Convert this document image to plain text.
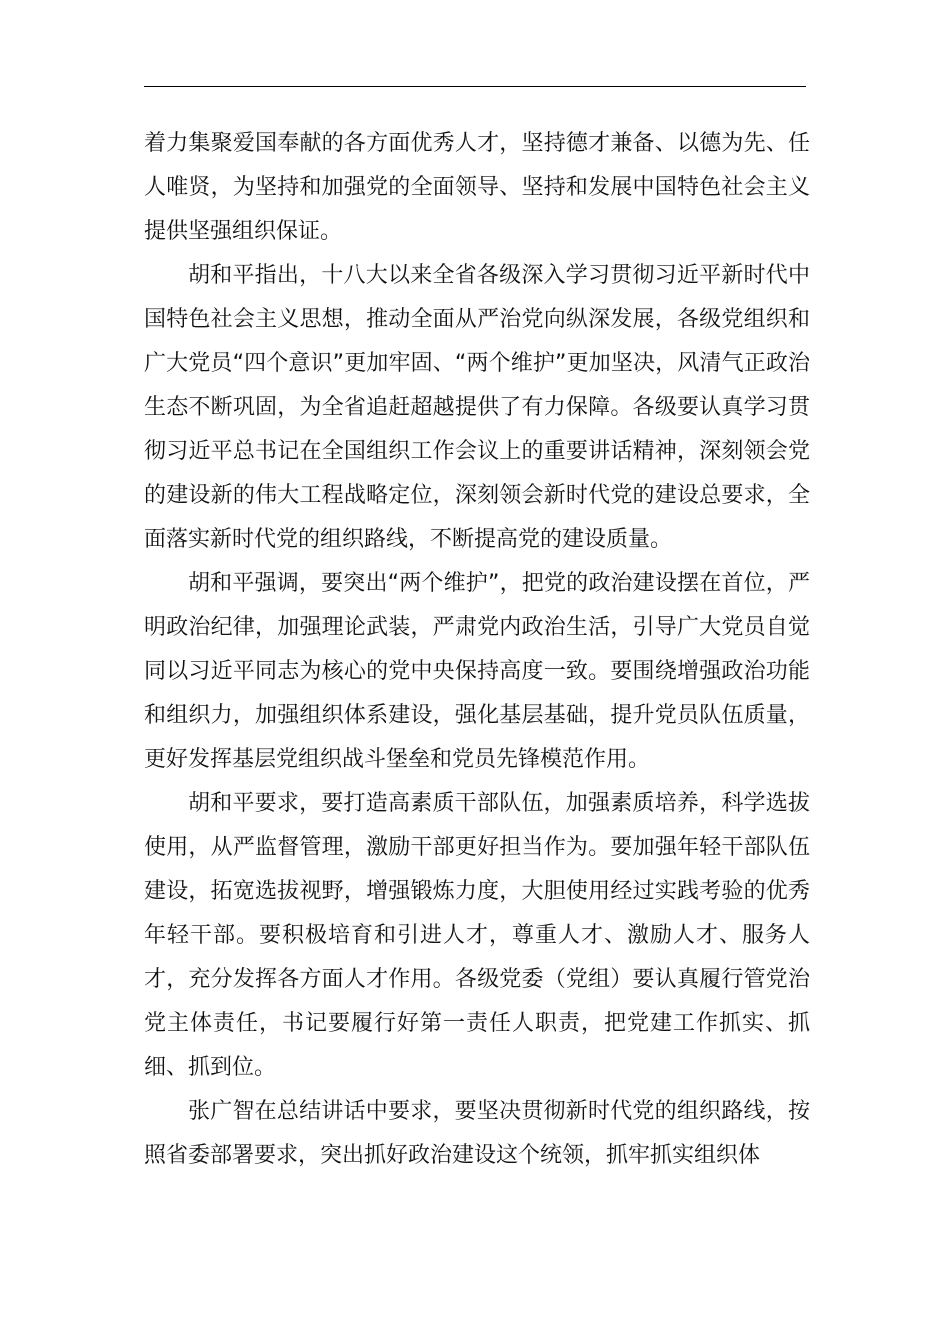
着力集聚爱国奉献的各方面优秀人才，坚持德才兼备、以德为先、任人唯贤，为坚持和加强党的全面领导、坚持和发展中国特色社会主义提供坚强组织保证。

胡和平指出，十八大以来全省各级深入学习贯彻习近平新时代中国特色社会主义思想，推动全面从严治党向纵深发展，各级党组织和广大党员“四个意识”更加牢固、“两个维护”更加坚决，风清气正政治生态不断巩固，为全省追赶超越提供了有力保障。各级要认真学习贯彻习近平总书记在全国组织工作会议上的重要讲话精神，深刻领会党的建设新的伟大工程战略定位，深刻领会新时代党的建设总要求，全面落实新时代党的组织路线，不断提高党的建设质量。

胡和平强调，要突出“两个维护”，把党的政治建设摆在首位，严明政治纪律，加强理论武装，严肃党内政治生活，引导广大党员自觉同以习近平同志为核心的党中央保持高度一致。要围绕增强政治功能和组织力，加强组织体系建设，强化基层基础，提升党员队伍质量，更好发挥基层党组织战斗堡垒和党员先锋模范作用。

胡和平要求，要打造高素质干部队伍，加强素质培养，科学选拔使用，从严监督管理，激励干部更好担当作为。要加强年轻干部队伍建设，拓宽选拔视野，增强锻炼力度，大胆使用经过实践考验的优秀年轻干部。要积极培育和引进人才，尊重人才、激励人才、服务人才，充分发挥各方面人才作用。各级党委（党组）要认真履行管党治党主体责任，书记要履行好第一责任人职责，把党建工作抓实、抓细、抓到位。

张广智在总结讲话中要求，要坚决贯彻新时代党的组织路线，按照省委部署要求，突出抓好政治建设这个统领，抓牢抓实组织体
